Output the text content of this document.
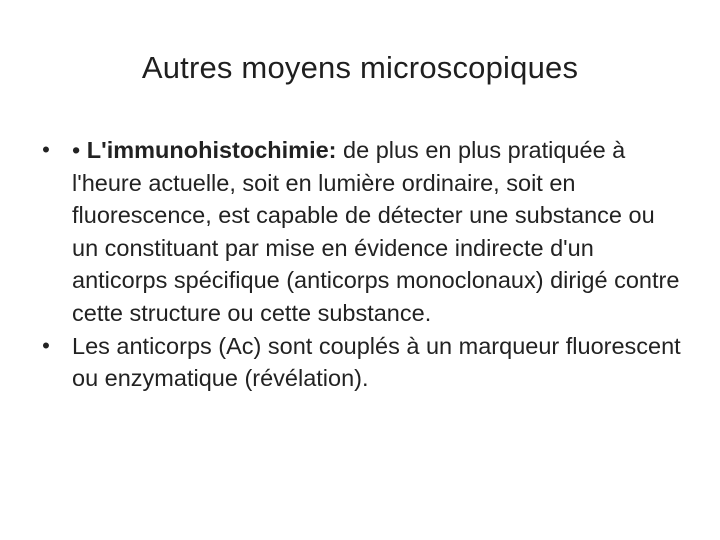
Autres moyens microscopiques
• • L'immunohistochimie: de plus en plus pratiquée à l'heure actuelle, soit en lumière ordinaire, soit en fluorescence, est capable de détecter une substance ou un constituant par mise en évidence indirecte d'un anticorps spécifique (anticorps monoclonaux) dirigé contre cette structure ou cette substance.
• Les anticorps (Ac) sont couplés à un marqueur fluorescent ou enzymatique (révélation).
